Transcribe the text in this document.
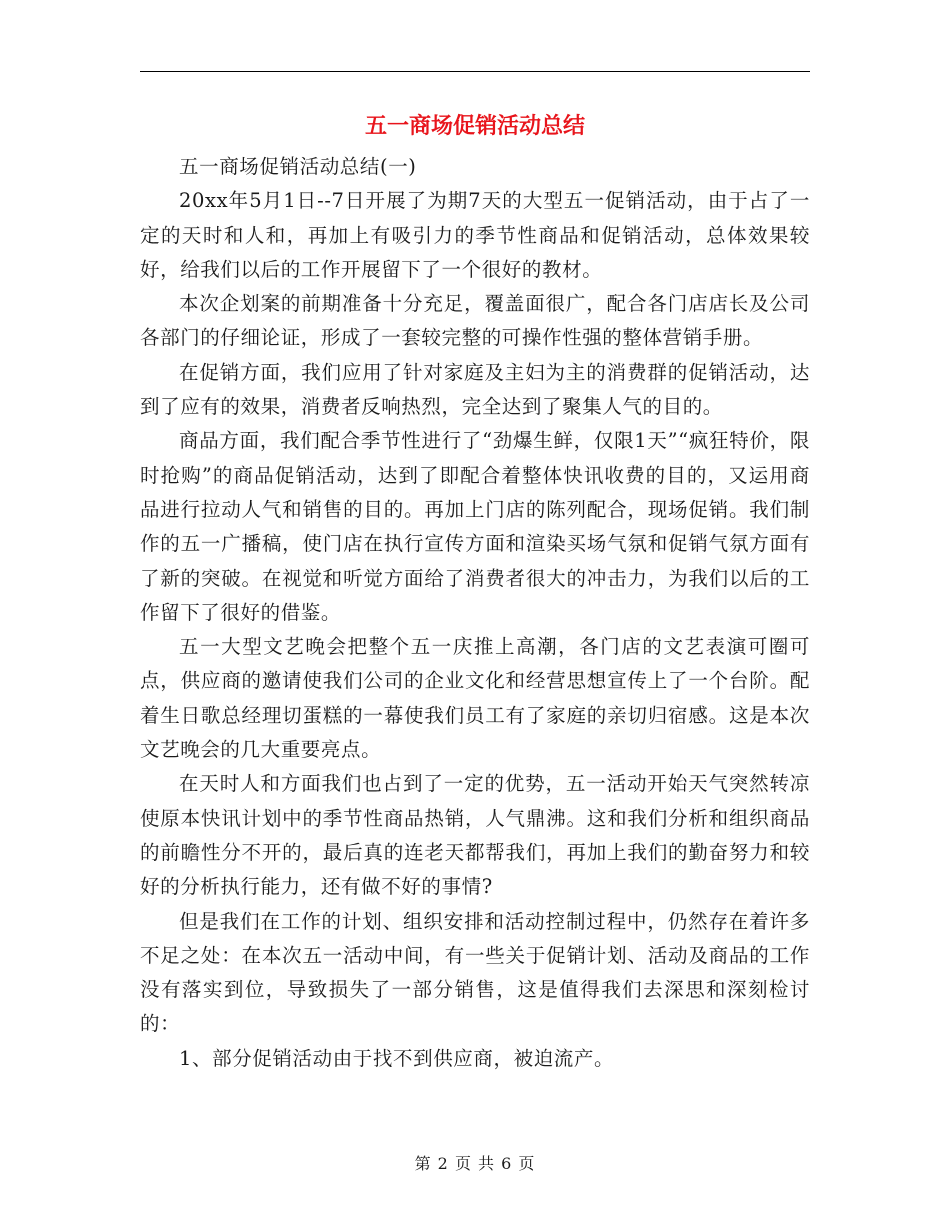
五一商场促销活动总结

五一商场促销活动总结(一)

20xx年5月1日--7日开展了为期7天的大型五一促销活动，由于占了一定的天时和人和，再加上有吸引力的季节性商品和促销活动，总体效果较好，给我们以后的工作开展留下了一个很好的教材。

本次企划案的前期准备十分充足，覆盖面很广，配合各门店店长及公司各部门的仔细论证，形成了一套较完整的可操作性强的整体营销手册。

在促销方面，我们应用了针对家庭及主妇为主的消费群的促销活动，达到了应有的效果，消费者反响热烈，完全达到了聚集人气的目的。

商品方面，我们配合季节性进行了“劲爆生鲜，仅限1天”“疯狂特价，限时抢购”的商品促销活动，达到了即配合着整体快讯收费的目的，又运用商品进行拉动人气和销售的目的。再加上门店的陈列配合，现场促销。我们制作的五一广播稿，使门店在执行宣传方面和渲染买场气氛和促销气氛方面有了新的突破。在视觉和听觉方面给了消费者很大的冲击力，为我们以后的工作留下了很好的借鉴。

五一大型文艺晚会把整个五一庆推上高潮，各门店的文艺表演可圈可点，供应商的邀请使我们公司的企业文化和经营思想宣传上了一个台阶。配着生日歌总经理切蛋糕的一幕使我们员工有了家庭的亲切归宿感。这是本次文艺晚会的几大重要亮点。

在天时人和方面我们也占到了一定的优势，五一活动开始天气突然转凉使原本快讯计划中的季节性商品热销，人气鼎沸。这和我们分析和组织商品的前瞻性分不开的，最后真的连老天都帮我们，再加上我们的勤奋努力和较好的分析执行能力，还有做不好的事情?

但是我们在工作的计划、组织安排和活动控制过程中，仍然存在着许多不足之处：在本次五一活动中间，有一些关于促销计划、活动及商品的工作没有落实到位，导致损失了一部分销售，这是值得我们去深思和深刻检讨的：

1、部分促销活动由于找不到供应商，被迫流产。

第 2 页 共 6 页
